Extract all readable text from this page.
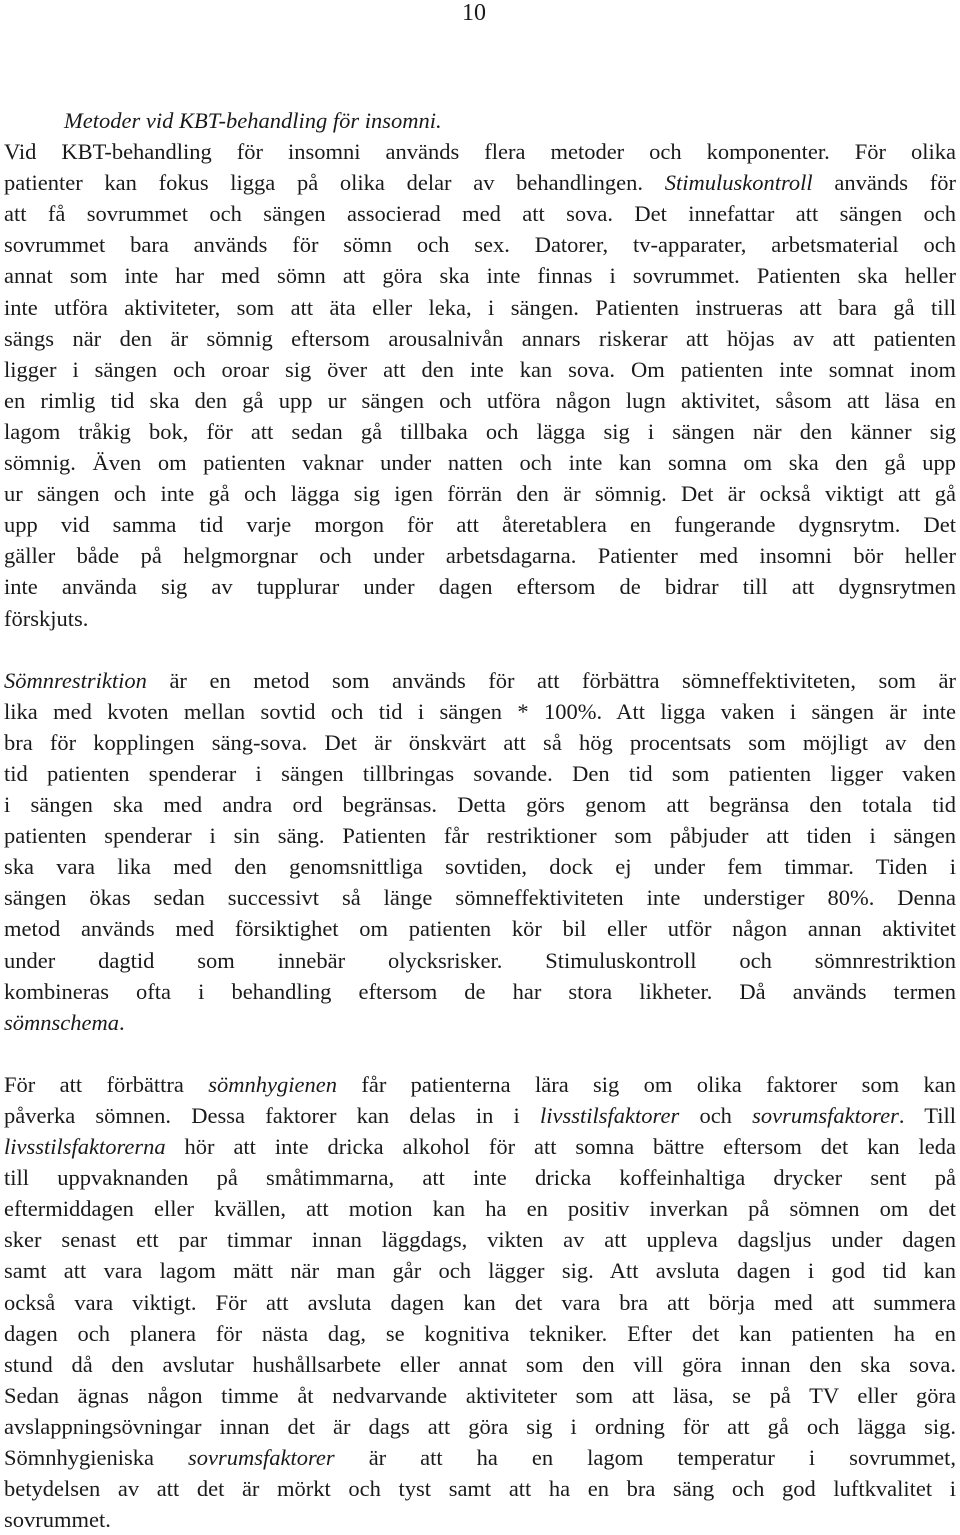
10
Metoder vid KBT-behandling för insomni.
Vid KBT-behandling för insomni används flera metoder och komponenter. För olika
patienter kan fokus ligga på olika delar av behandlingen. Stimuluskontroll används för
att få sovrummet och sängen associerad med att sova. Det innefattar att sängen och
sovrummet bara används för sömn och sex. Datorer, tv-apparater, arbetsmaterial och
annat som inte har med sömn att göra ska inte finnas i sovrummet. Patienten ska heller
inte utföra aktiviteter, som att äta eller leka, i sängen. Patienten instrueras att bara gå till
sängs när den är sömnig eftersom arousalnivån annars riskerar att höjas av att patienten
ligger i sängen och oroar sig över att den inte kan sova. Om patienten inte somnat inom
en rimlig tid ska den gå upp ur sängen och utföra någon lugn aktivitet, såsom att läsa en
lagom tråkig bok, för att sedan gå tillbaka och lägga sig i sängen när den känner sig
sömnig. Även om patienten vaknar under natten och inte kan somna om ska den gå upp
ur sängen och inte gå och lägga sig igen förrän den är sömnig. Det är också viktigt att gå
upp vid samma tid varje morgon för att återetablera en fungerande dygnsrytm. Det
gäller både på helgmorgnar och under arbetsdagarna. Patienter med insomni bör heller
inte använda sig av tupplurar under dagen eftersom de bidrar till att dygnsrytmen
förskjuts.
Sömnrestriktion är en metod som används för att förbättra sömneffektiviteten, som är
lika med kvoten mellan sovtid och tid i sängen * 100%. Att ligga vaken i sängen är inte
bra för kopplingen säng-sova. Det är önskvärt att så hög procentsats som möjligt av den
tid patienten spenderar i sängen tillbringas sovande. Den tid som patienten ligger vaken
i sängen ska med andra ord begränsas. Detta görs genom att begränsa den totala tid
patienten spenderar i sin säng. Patienten får restriktioner som påbjuder att tiden i sängen
ska vara lika med den genomsnittliga sovtiden, dock ej under fem timmar. Tiden i
sängen ökas sedan successivt så länge sömneffektiviteten inte understiger 80%. Denna
metod används med försiktighet om patienten kör bil eller utför någon annan aktivitet
under dagtid som innebär olycksrisker. Stimuluskontroll och sömnrestriktion
kombineras ofta i behandling eftersom de har stora likheter. Då används termen
sömnschema.
För att förbättra sömnhygienen får patienterna lära sig om olika faktorer som kan
påverka sömnen. Dessa faktorer kan delas in i livsstilsfaktorer och sovrumsfaktorer. Till
livsstilsfaktorerna hör att inte dricka alkohol för att somna bättre eftersom det kan leda
till uppvaknanden på småtimmarna, att inte dricka koffeinhaltiga drycker sent på
eftermiddagen eller kvällen, att motion kan ha en positiv inverkan på sömnen om det
sker senast ett par timmar innan läggdags, vikten av att uppleva dagsljus under dagen
samt att vara lagom mätt när man går och lägger sig. Att avsluta dagen i god tid kan
också vara viktigt. För att avsluta dagen kan det vara bra att börja med att summera
dagen och planera för nästa dag, se kognitiva tekniker. Efter det kan patienten ha en
stund då den avslutar hushållsarbete eller annat som den vill göra innan den ska sova.
Sedan ägnas någon timme åt nedvarvande aktiviteter som att läsa, se på TV eller göra
avslappningsövningar innan det är dags att göra sig i ordning för att gå och lägga sig.
Sömnhygieniska sovrumsfaktorer är att ha en lagom temperatur i sovrummet,
betydelsen av att det är mörkt och tyst samt att ha en bra säng och god luftkvalitet i
sovrummet.
